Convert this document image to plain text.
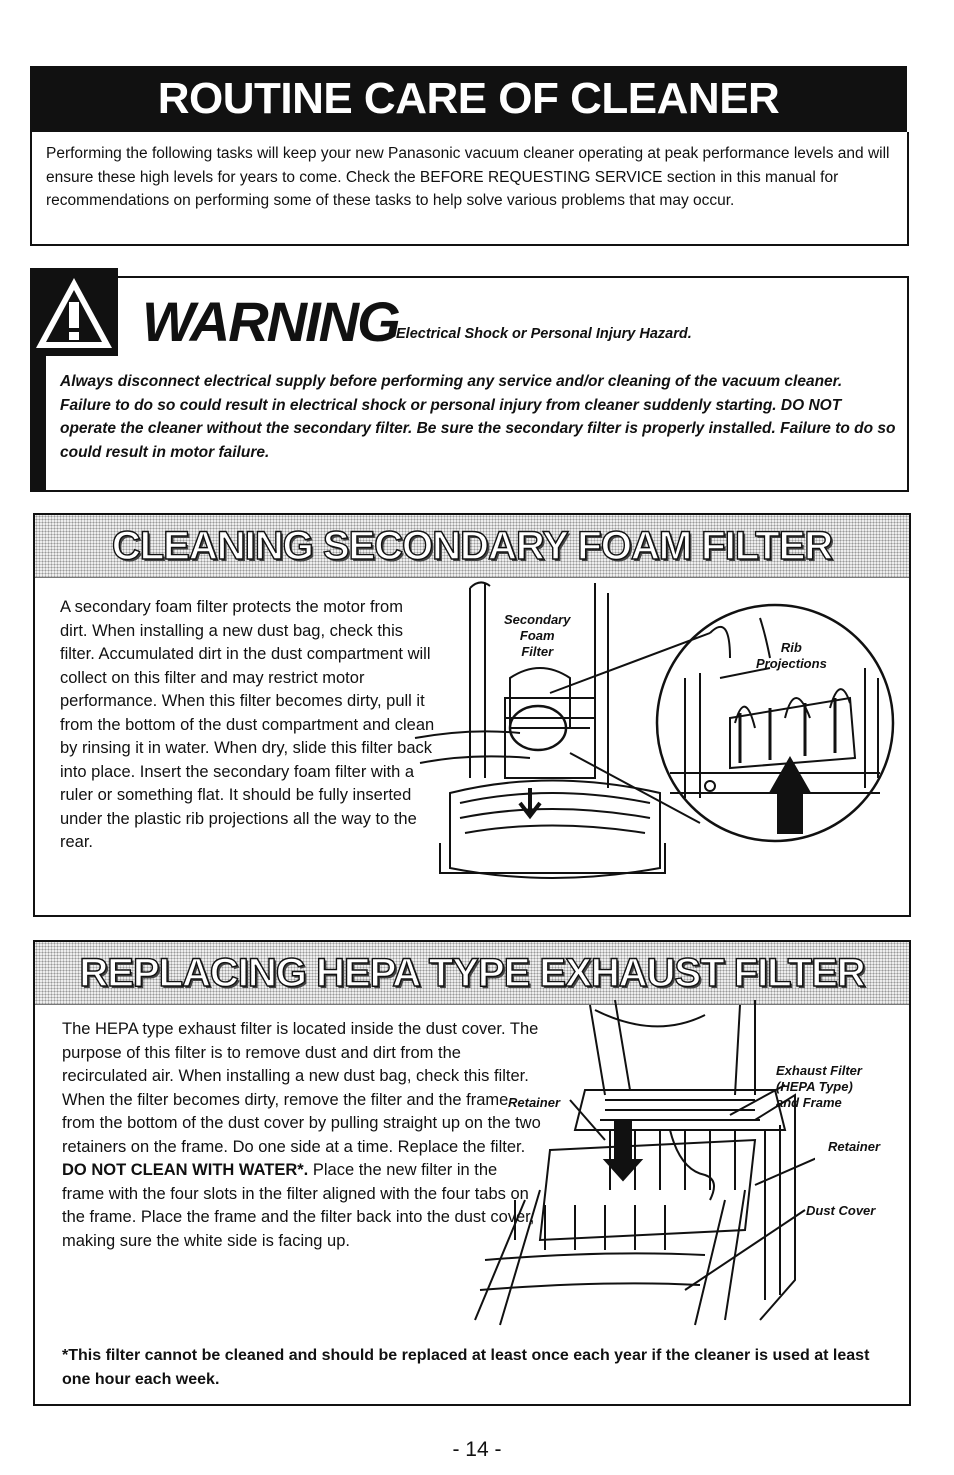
ROUTINE CARE OF CLEANER
Performing the following tasks will keep your new Panasonic vacuum cleaner operating at peak performance levels and will ensure these high levels for years to come. Check the BEFORE REQUESTING SERVICE section in this manual for recommendations on performing some of these tasks to help solve various problems that may occur.
WARNING
Electrical Shock or Personal Injury Hazard.
Always disconnect electrical supply before performing any service and/or cleaning of the vacuum cleaner. Failure to do so could result in electrical shock or personal injury from cleaner suddenly starting. DO NOT operate the cleaner without the secondary filter. Be sure the secondary filter is properly installed. Failure to do so could result in motor failure.
CLEANING SECONDARY FOAM FILTER
A secondary foam filter protects the motor from dirt. When installing a new dust bag, check this filter. Accumulated dirt in the dust compartment will collect on this filter and may restrict motor performance. When this filter becomes dirty, pull it from the bottom of the dust compartment and clean by rinsing it in water. When dry, slide this filter back into place. Insert the secondary foam filter with a ruler or something flat. It should be fully inserted under the plastic rib projections all the way to the rear.
Secondary
Foam
Filter	Rib
Projections
REPLACING HEPA TYPE EXHAUST FILTER
The HEPA type exhaust filter is located inside the dust cover. The purpose of this filter is to remove dust and dirt from the recirculated air. When installing a new dust bag, check this filter. When the filter becomes dirty, remove the filter and the frame from the bottom of the dust cover by pulling straight up on the two retainers on the frame. Do one side at a time. Replace the filter. DO NOT CLEAN WITH WATER*. Place the new filter in the frame with the four slots in the filter aligned with the four tabs on the frame. Place the frame and the filter back into the dust cover, making sure the white side is facing up.
Retainer
Exhaust Filter
(HEPA Type)
and Frame
Retainer
Dust Cover
*This filter cannot be cleaned and should be replaced at least once each year if the cleaner is used at least one hour each week.
- 14 -
